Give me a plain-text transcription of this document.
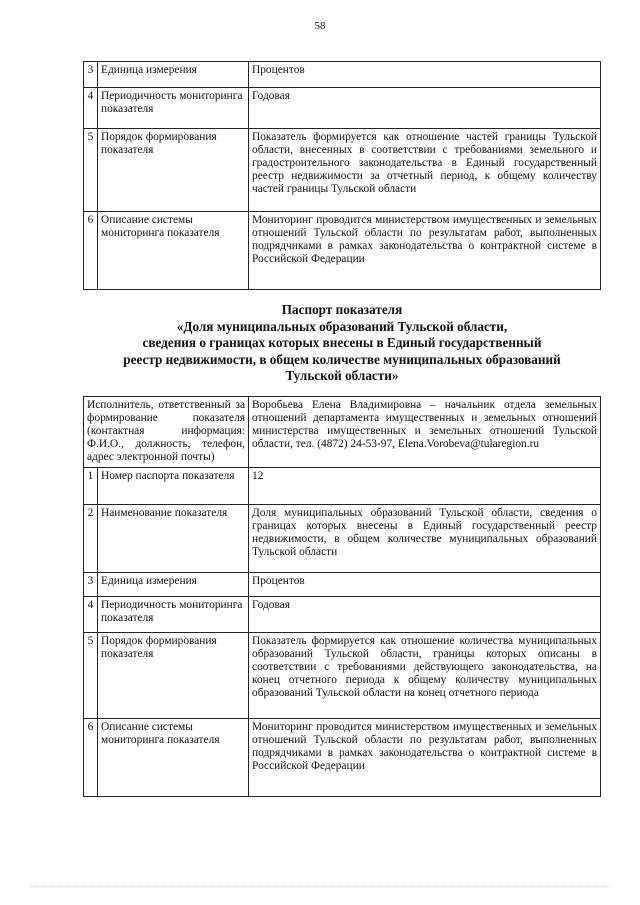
58
3	Единица измерения	Процентов
4	Периодичность мониторинга показателя	Годовая
5	Порядок формирования показателя	Показатель формируется как отношение частей границы Тульской области, внесенных в соответствии с требованиями земельного и градостроительного законодательства в Единый государственный реестр недвижимости за отчетный период, к общему количеству частей границы Тульской области
6	Описание системы мониторинга показателя	Мониторинг проводится министерством имущественных и земельных отношений Тульской области по результатам работ, выполненных подрядчиками в рамках законодательства о контрактной системе в Российской Федерации
Паспорт показателя
«Доля муниципальных образований Тульской области,
сведения о границах которых внесены в Единый государственный
реестр недвижимости, в общем количестве муниципальных образований
Тульской области»
Исполнитель, ответственный за формирование показателя (контактная информация: Ф.И.О., должность, телефон, адрес электронной почты)		Воробьева Елена Владимировна – начальник отдела земельных отношений департамента имущественных и земельных отношений министерства имущественных и земельных отношений Тульской области, тел. (4872) 24-53-97, Elena.Vorobeva@tularegion.ru
1	Номер паспорта показателя	12
2	Наименование показателя	Доля муниципальных образований Тульской области, сведения о границах которых внесены в Единый государственный реестр недвижимости, в общем количестве муниципальных образований Тульской области
3	Единица измерения	Процентов
4	Периодичность мониторинга показателя	Годовая
5	Порядок формирования показателя	Показатель формируется как отношение количества муниципальных образований Тульской области, границы которых описаны в соответствии с требованиями действующего законодательства, на конец отчетного периода к общему количеству муниципальных образований Тульской области на конец отчетного периода
6	Описание системы мониторинга показателя	Мониторинг проводится министерством имущественных и земельных отношений Тульской области по результатам работ, выполненных подрядчиками в рамках законодательства о контрактной системе в Российской Федерации
